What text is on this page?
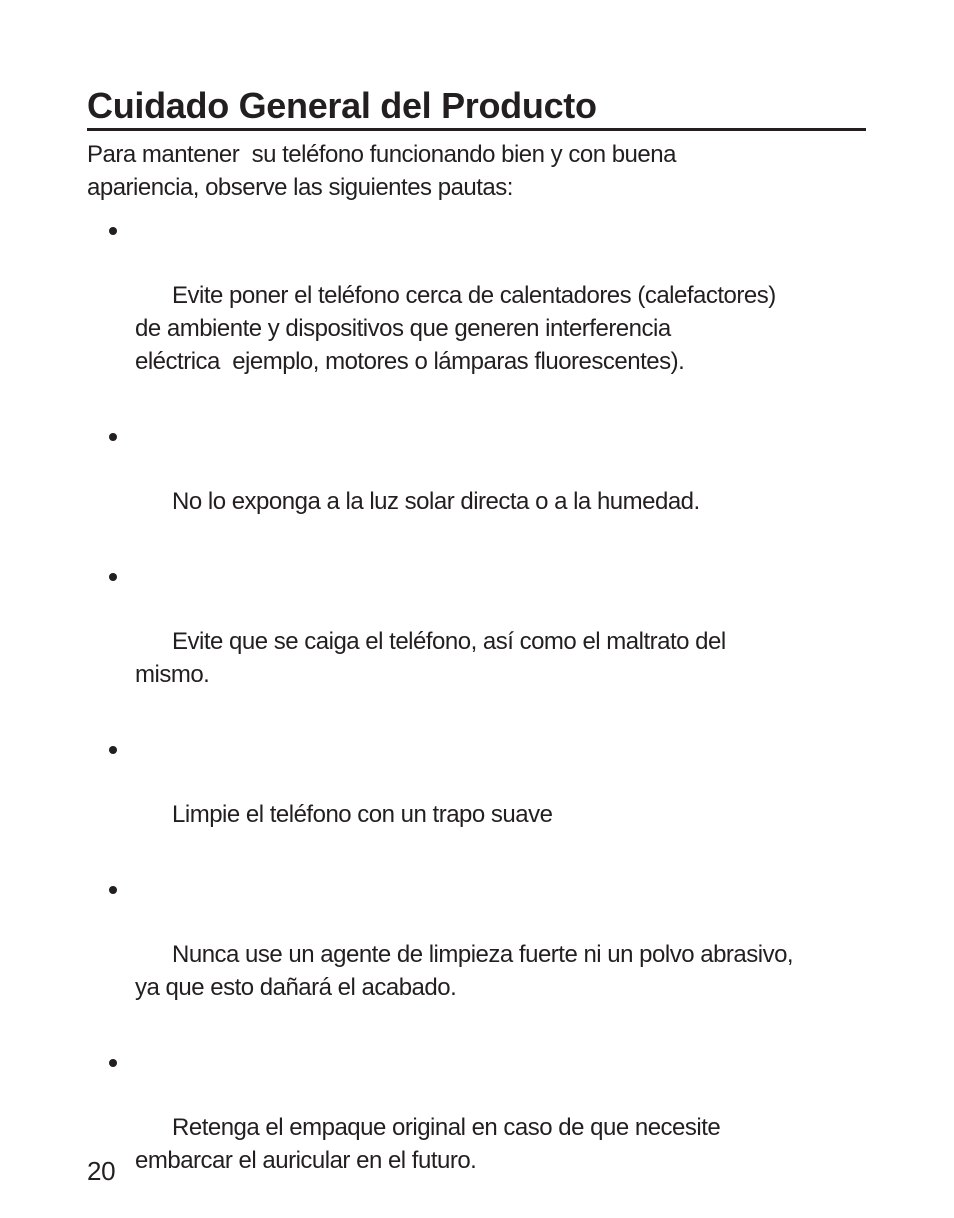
Cuidado General del Producto

Para mantener  su teléfono funcionando bien y con buena
apariencia, observe las siguientes pautas:

Evite poner el teléfono cerca de calentadores (calefactores)
de ambiente y dispositivos que generen interferencia
eléctrica  ejemplo, motores o lámparas fluorescentes).

No lo exponga a la luz solar directa o a la humedad.

Evite que se caiga el teléfono, así como el maltrato del
mismo.

Limpie el teléfono con un trapo suave

Nunca use un agente de limpieza fuerte ni un polvo abrasivo,
ya que esto dañará el acabado.

Retenga el empaque original en caso de que necesite
embarcar el auricular en el futuro.

20
